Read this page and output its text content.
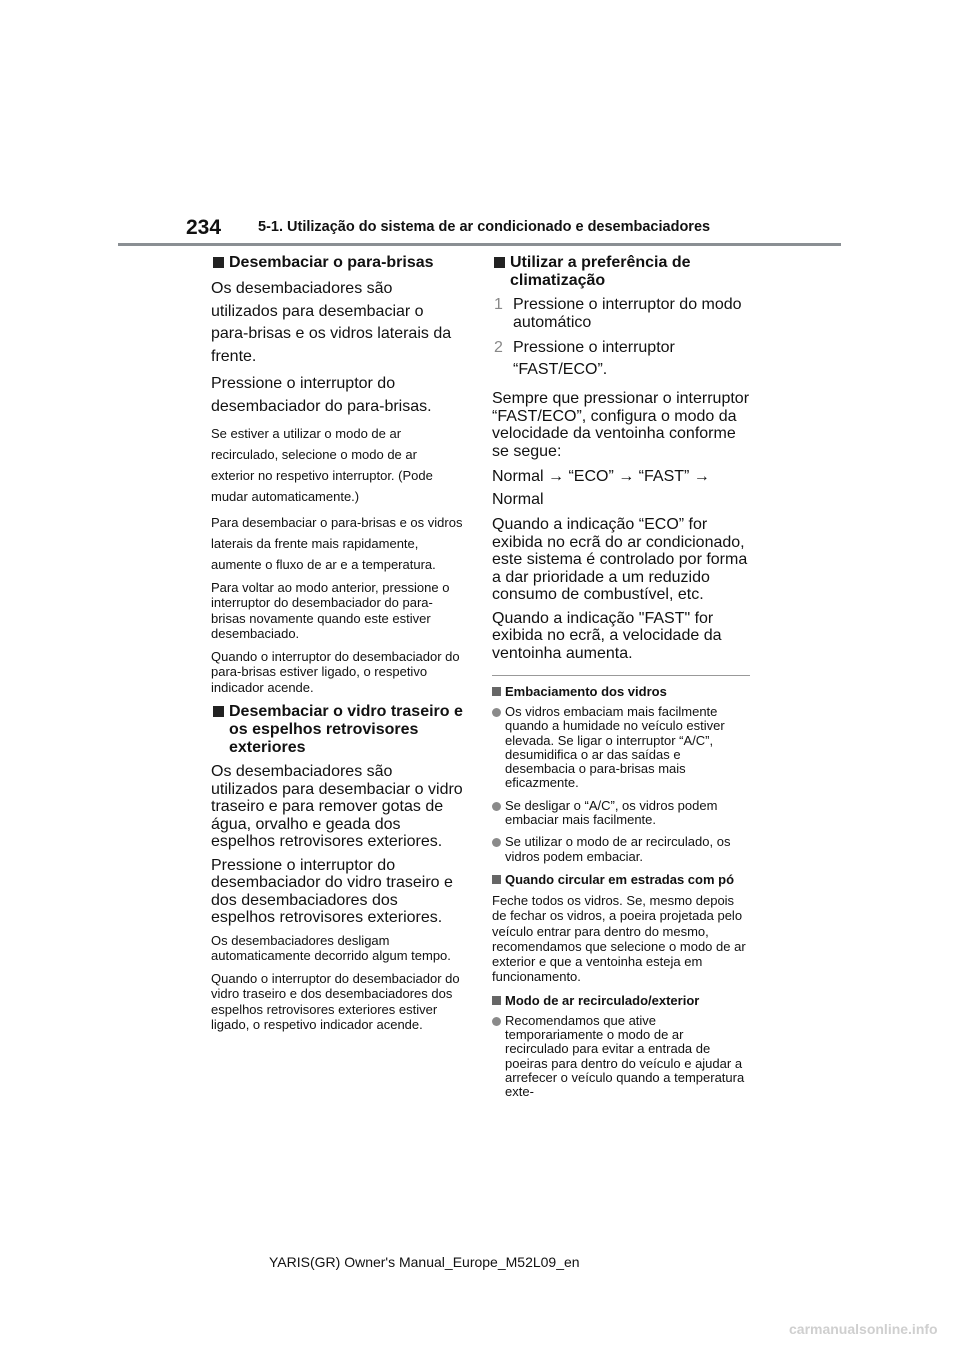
234	5-1. Utilização do sistema de ar condicionado e desembaciadores
Desembaciar o para-brisas

Os desembaciadores são utilizados para desembaciar o para-brisas e os vidros laterais da frente.

Pressione o interruptor do desembaciador do para-brisas.

Se estiver a utilizar o modo de ar recirculado, selecione o modo de ar exterior no respetivo interruptor. (Pode mudar automaticamente.)

Para desembaciar o para-brisas e os vidros laterais da frente mais rapidamente, aumente o fluxo de ar e a temperatura.

Para voltar ao modo anterior, pressione o interruptor do desembaciador do para-brisas novamente quando este estiver desembaciado.

Quando o interruptor do desembaciador do para-brisas estiver ligado, o respetivo indicador acende.

Desembaciar o vidro traseiro e os espelhos retrovisores exteriores

Os desembaciadores são utilizados para desembaciar o vidro traseiro e para remover gotas de água, orvalho e geada dos espelhos retrovisores exteriores.

Pressione o interruptor do desembaciador do vidro traseiro e dos desembaciadores dos espelhos retrovisores exteriores.

Os desembaciadores desligam automaticamente decorrido algum tempo.

Quando o interruptor do desembaciador do vidro traseiro e dos desembaciadores dos espelhos retrovisores exteriores estiver ligado, o respetivo indicador acende.

Utilizar a preferência de climatização
1 Pressione o interruptor do modo automático
2 Pressione o interruptor “FAST/ECO”.

Sempre que pressionar o interruptor “FAST/ECO”, configura o modo da velocidade da ventoinha conforme se segue:

Normal → “ECO” → “FAST” → Normal

Quando a indicação “ECO” for exibida no ecrã do ar condicionado, este sistema é controlado por forma a dar prioridade a um reduzido consumo de combustível, etc.

Quando a indicação "FAST" for exibida no ecrã, a velocidade da ventoinha aumenta.

Embaciamento dos vidros
Os vidros embaciam mais facilmente quando a humidade no veículo estiver elevada. Se ligar o interruptor “A/C”, desumidifica o ar das saídas e desembacia o para-brisas mais eficazmente.
Se desligar o “A/C”, os vidros podem embaciar mais facilmente.
Se utilizar o modo de ar recirculado, os vidros podem embaciar.
Quando circular em estradas com pó

Feche todos os vidros. Se, mesmo depois de fechar os vidros, a poeira projetada pelo veículo entrar para dentro do mesmo, recomendamos que selecione o modo de ar exterior e que a ventoinha esteja em funcionamento.

Modo de ar recirculado/exterior
Recomendamos que ative temporariamente o modo de ar recirculado para evitar a entrada de poeiras para dentro do veículo e ajudar a arrefecer o veículo quando a temperatura exte-
YARIS(GR) Owner's Manual_Europe_M52L09_en
carmanualsonline.info
